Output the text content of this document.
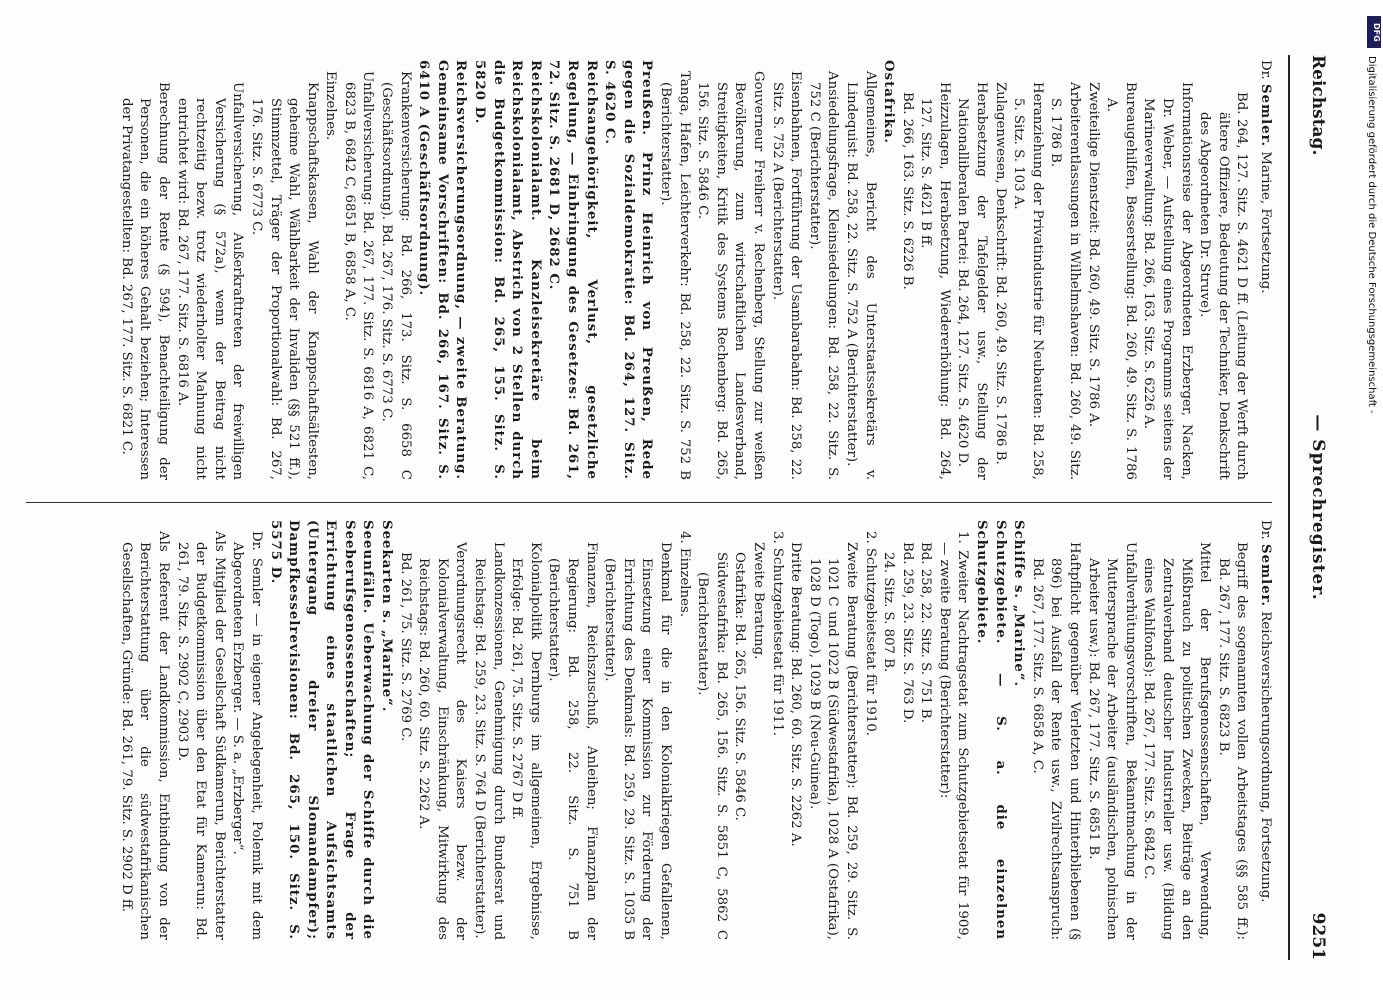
Reichstag.
— Sprechregister.
9251

Dr. Semler. Marine, Fortsetzung.

Bd. 264, 127. Sitz. S. 4621 D ff. (Leitung der Werft durch ältere Offiziere, Bedeutung der Techniker, Denkschrift des Abgeordneten Dr. Struve).

Informationsreise der Abgeordneten Erzberger, Nacken, Dr. Weber, — Aufstellung eines Programms seitens der Marineverwaltung: Bd. 266, 163. Sitz. S. 6226 A.

Bureaugehilfen, Besserstellung: Bd. 260, 49. Sitz. S. 1786 A.

Zweiteilige Dienstzeit: Bd. 260, 49. Sitz. S. 1786 A.

Arbeiterentlassungen in Wilhelmshaven: Bd. 260, 49. Sitz. S. 1786 B.

Heranziehung der Privatindustrie für Neubauten: Bd. 258, 5. Sitz. S. 103 A.

Zulagenwesen, Denkschrift: Bd. 260, 49. Sitz. S. 1786 B.

Herabsetzung der Tafelgelder usw., Stellung der Nationalliberalen Partei: Bd. 264, 127. Sitz. S. 4620 D.

Heizzulagen, Herabsetzung, Wiedererhöhung: Bd. 264, 127. Sitz. S. 4621 B ff.

Bd. 266, 163. Sitz. S. 6226 B.

Ostafrika.

Allgemeines, Bericht des Unterstaatssekretärs v. Lindequist: Bd. 258, 22. Sitz. S. 752 A (Berichterstatter).

Ansiedelungsfrage, Kleinsiedelungen: Bd. 258, 22. Sitz. S. 752 C (Berichterstatter).

Eisenbahnen, Fortführung der Usambarabahn: Bd. 258, 22. Sitz. S. 752 A (Berichterstatter).

Gouverneur Freiherr v. Rechenberg, Stellung zur weißen Bevölkerung, zum wirtschaftlichen Landesverband, Streitigkeiten, Kritik des Systems Rechenberg: Bd. 265, 156. Sitz. S. 5846 C.

Tanga, Hafen, Leichterverkehr: Bd. 258, 22. Sitz. S. 752 B (Berichterstatter).

Preußen. Prinz Heinrich von Preußen, Rede gegen die Sozialdemokratie: Bd. 264, 127. Sitz. S. 4620 C.

Reichsangehörigkeit, Verlust, gesetzliche Regelung, — Einbringung des Gesetzes: Bd. 261, 72. Sitz. S. 2681 D, 2682 C.

Reichskolonialamt. Kanzleisekretäre beim Reichskolonialamt, Abstrich von 2 Stellen durch die Budgetkommission: Bd. 265, 155. Sitz. S. 5820 D.

Reichsversicherungsordnung, — zweite Beratung. Gemeinsame Vorschriften: Bd. 266, 167. Sitz. S. 6410 A (Geschäftsordnung).

Krankenversicherung: Bd. 266, 173. Sitz. S. 6658 C (Geschäftsordnung). Bd. 267, 176. Sitz. S. 6773 C.

Unfallversicherung: Bd. 267, 177. Sitz. S. 6816 A, 6821 C, 6823 B, 6842 C, 6851 B, 6858 A, C.

Einzelnes.

Knappschaftskassen, Wahl der Knappschaftsältesten, geheime Wahl, Wählbarkeit der Invaliden (§§ 521 ff.), Stimmzettel, Träger der Proportionalwahl: Bd. 267, 176. Sitz. S. 6773 C.

Unfallversicherung, Außerkrafttreten der freiwilligen Versicherung (§ 572a), wenn der Beitrag nicht rechtzeitig bezw. trotz wiederholter Mahnung nicht entrichtet wird: Bd. 267, 177. Sitz. S. 6816 A.

Berechnung der Rente (§ 594), Benachteiligung der Personen, die ein höheres Gehalt beziehen; Interessen der Privatangestellten: Bd. 267, 177. Sitz. S. 6821 C.

Dr. Semler. Reichsversicherungsordnung, Fortsetzung.

Begriff des sogenannten vollen Arbeitstages (§§ 585 ff.): Bd. 267, 177. Sitz. S. 6823 B.

Mittel der Berufsgenossenschaften, Verwendung, Mißbrauch zu politischen Zwecken, Beiträge an den Zentralverband deutscher Industrieller usw. (Bildung eines Wahlfonds): Bd. 267, 177. Sitz. S. 6842 C.

Unfallverhütungsvorschriften, Bekanntmachung in der Muttersprache der Arbeiter (ausländischen, polnischen Arbeiter usw.): Bd. 267, 177. Sitz. S. 6851 B.

Haftpflicht gegenüber Verletzten und Hinterbliebenen (§ 896) bei Ausfall der Rente usw., Zivilrechtsanspruch: Bd. 267, 177. Sitz. S. 6858 A, C.

Schiffe s. „Marine“.

Schutzgebiete. — S. a. die einzelnen Schutzgebiete.

1. Zweiter Nachtragsetat zum Schutzgebietsetat für 1909, — zweite Beratung (Berichterstatter):

Bd. 258, 22. Sitz. S. 751 B.

Bd. 259, 23. Sitz. S. 763 D.

24. Sitz. S. 807 B.

2. Schutzgebietsetat für 1910.

Zweite Beratung (Berichterstatter): Bd. 259, 29. Sitz. S. 1021 C und 1022 B (Südwestafrika), 1028 A (Ostafrika), 1028 D (Togo), 1029 B (Neu-Guinea).

Dritte Beratung: Bd. 260, 60. Sitz. S. 2262 A.

3. Schutzgebietsetat für 1911.

Zweite Beratung.

Ostafrika: Bd. 265, 156. Sitz. S. 5846 C.

Südwestafrika: Bd. 265, 156. Sitz. S. 5851 C, 5862 C (Berichterstatter).

4. Einzelnes.

Denkmal für die in den Kolonialkriegen Gefallenen, Einsetzung einer Kommission zur Förderung der Errichtung des Denkmals: Bd. 259, 29. Sitz. S. 1035 B (Berichterstatter).

Finanzen, Reichszuschuß, Anleihen; Finanzplan der Regierung: Bd. 258, 22. Sitz. S. 751 B (Berichterstatter).

Kolonialpolitik Dernburgs im allgemeinen, Ergebnisse, Erfolge: Bd. 261, 75. Sitz. S. 2767 D ff.

Landkonzessionen, Genehmigung durch Bundesrat und Reichstag: Bd. 259, 23. Sitz. S. 764 D (Berichterstatter).

Verordnungsrecht des Kaisers bezw. der Kolonialverwaltung, Einschränkung, Mitwirkung des Reichstags: Bd. 260, 60. Sitz. S. 2262 A.

Bd. 261, 75. Sitz. S. 2769 C.

Seekarten s. „Marine“.

Seeunfälle. Ueberwachung der Schiffe durch die Seeberufsgenossenschaften; Frage der Errichtung eines staatlichen Aufsichtsamts (Untergang dreier Slomandampfer); Dampfkesselrevisionen: Bd. 265, 150. Sitz. S. 5575 D.

Dr. Semler — in eigener Angelegenheit, Polemik mit dem Abgeordneten Erzberger. — S. a. „Erzberger“.

Als Mitglied der Gesellschaft Südkamerun, Berichterstatter der Budgetkommission über den Etat für Kamerun: Bd. 261, 79. Sitz. S. 2902 C, 2903 D.

Als Referent der Landkommission, Entbindung von der Berichterstattung über die südwestafrikanischen Gesellschaften, Gründe: Bd. 261, 79. Sitz. S. 2902 D ff.

DFG
Digitalisierung gefördert durch die Deutsche Forschungsgemeinschaft -
